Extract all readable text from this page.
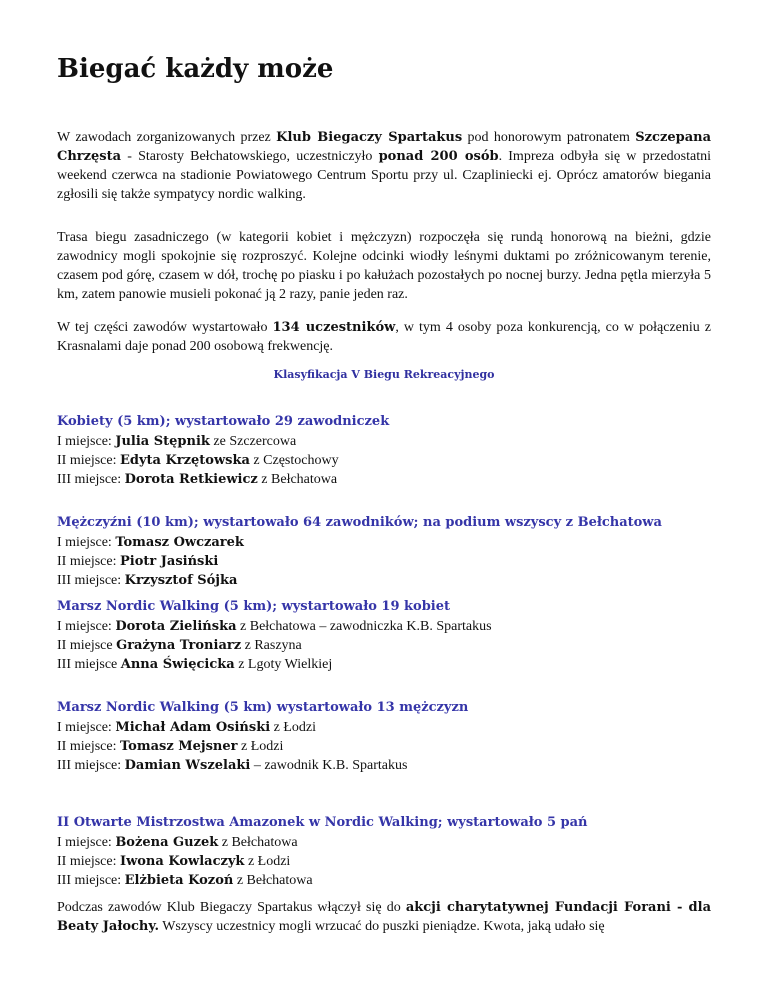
Biegać każdy może

W zawodach zorganizowanych przez Klub Biegaczy Spartakus pod honorowym patronatem Szczepana Chrzęsta - Starosty Bełchatowskiego, uczestniczyło ponad 200 osób. Impreza odbyła się w przedostatni weekend czerwca na stadionie Powiatowego Centrum Sportu przy ul. Czapliniecki ej. Oprócz amatorów biegania zgłosili się także sympatycy nordic walking.

Trasa biegu zasadniczego (w kategorii kobiet i mężczyzn) rozpoczęła się rundą honorową na bieżni, gdzie zawodnicy mogli spokojnie się rozproszyć. Kolejne odcinki wiodły leśnymi duktami po zróżnicowanym terenie, czasem pod górę, czasem w dół, trochę po piasku i po kałużach pozostałych po nocnej burzy. Jedna pętla mierzyła 5 km, zatem panowie musieli pokonać ją 2 razy, panie jeden raz.

W tej części zawodów wystartowało 134 uczestników, w tym 4 osoby poza konkurencją, co w połączeniu z Krasnalami daje ponad 200 osobową frekwencję.

Klasyfikacja V Biegu Rekreacyjnego
Kobiety (5 km); wystartowało 29 zawodniczek
I miejsce: Julia Stępnik ze Szczercowa
II miejsce: Edyta Krzętowska z Częstochowy
III miejsce: Dorota Retkiewicz z Bełchatowa
Mężczyźni (10 km); wystartowało 64 zawodników; na podium wszyscy z Bełchatowa
I miejsce: Tomasz Owczarek
II miejsce: Piotr Jasiński
III miejsce: Krzysztof Sójka
Marsz Nordic Walking (5 km); wystartowało 19 kobiet
I miejsce: Dorota Zielińska z Bełchatowa – zawodniczka K.B. Spartakus
II miejsce Grażyna Troniarz z Raszyna
III miejsce Anna Święcicka z Lgoty Wielkiej
Marsz Nordic Walking (5 km) wystartowało 13 mężczyzn
I miejsce: Michał Adam Osiński z Łodzi
II miejsce: Tomasz Mejsner z Łodzi
III miejsce: Damian Wszelaki – zawodnik K.B. Spartakus
II Otwarte Mistrzostwa Amazonek w Nordic Walking; wystartowało 5 pań
I miejsce: Bożena Guzek z Bełchatowa
II miejsce: Iwona Kowlaczyk z Łodzi
III miejsce: Elżbieta Kozoń z Bełchatowa

Podczas zawodów Klub Biegaczy Spartakus włączył się do akcji charytatywnej Fundacji Forani - dla Beaty Jałochy. Wszyscy uczestnicy mogli wrzucać do puszki pieniądze. Kwota, jaką udało się
